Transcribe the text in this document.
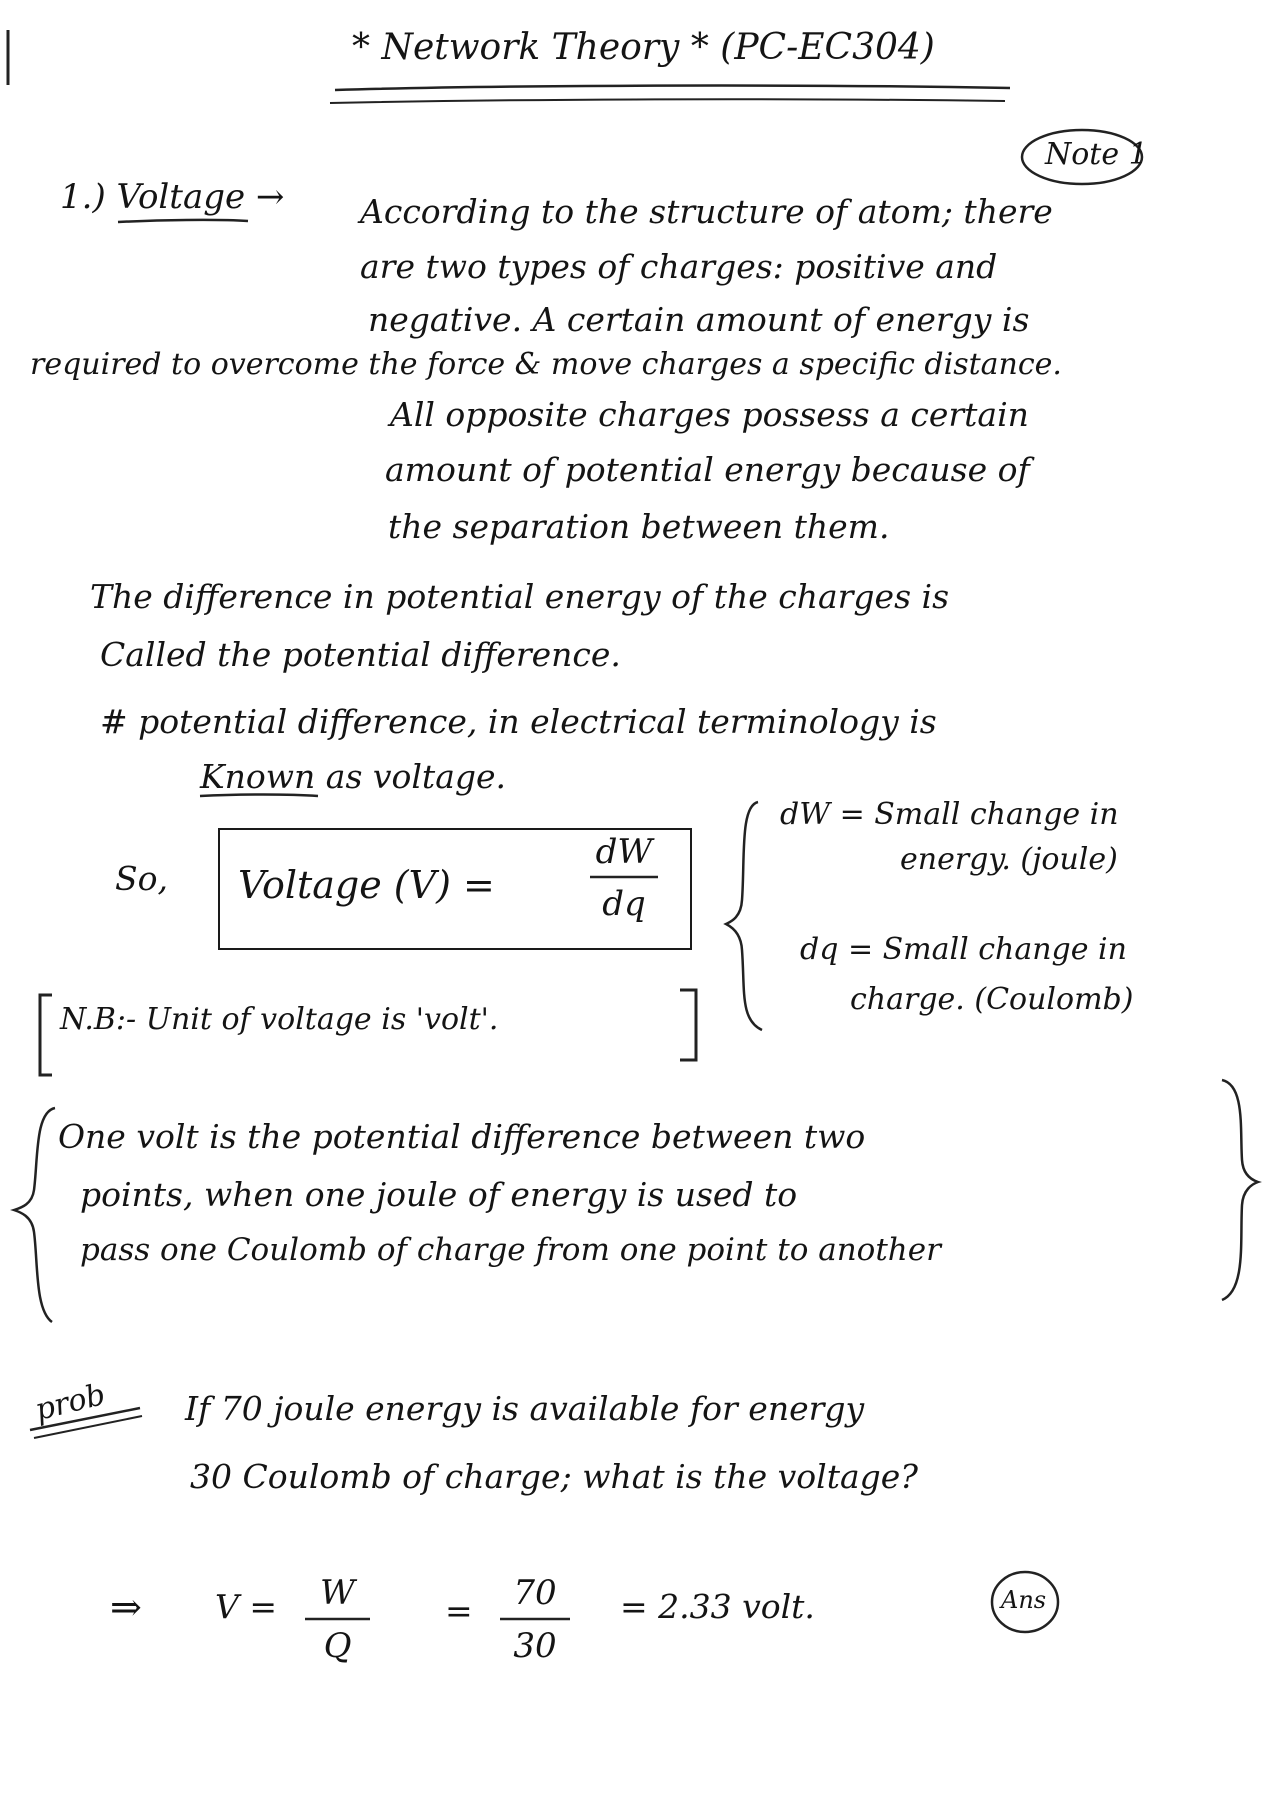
* Network Theory * (PC-EC304)
Note 1
1.) Voltage → According to the structure of atom; there
are two types of charges: positive and
negative. A certain amount of energy is
required to overcome the force & move charges a specific distance.
All opposite charges possess a certain
amount of potential energy because of
the separation between them.
The difference in potential energy of the charges is
Called the potential difference.
# potential difference, in electrical terminology is
Known as voltage.
So, Voltage (V) =
dW
dq
dW = Small change in
energy. (joule)
dq = Small change in
charge. (Coulomb)
N.B:- Unit of voltage is 'volt'.
One volt is the potential difference between two
points, when one joule of energy is used to
pass one Coulomb of charge from one point to another
prob If 70 joule energy is available for energy
30 Coulomb of charge; what is the voltage?
⇒ V =	W
Q
=	70
30
= 2.33 volt.	Ans
